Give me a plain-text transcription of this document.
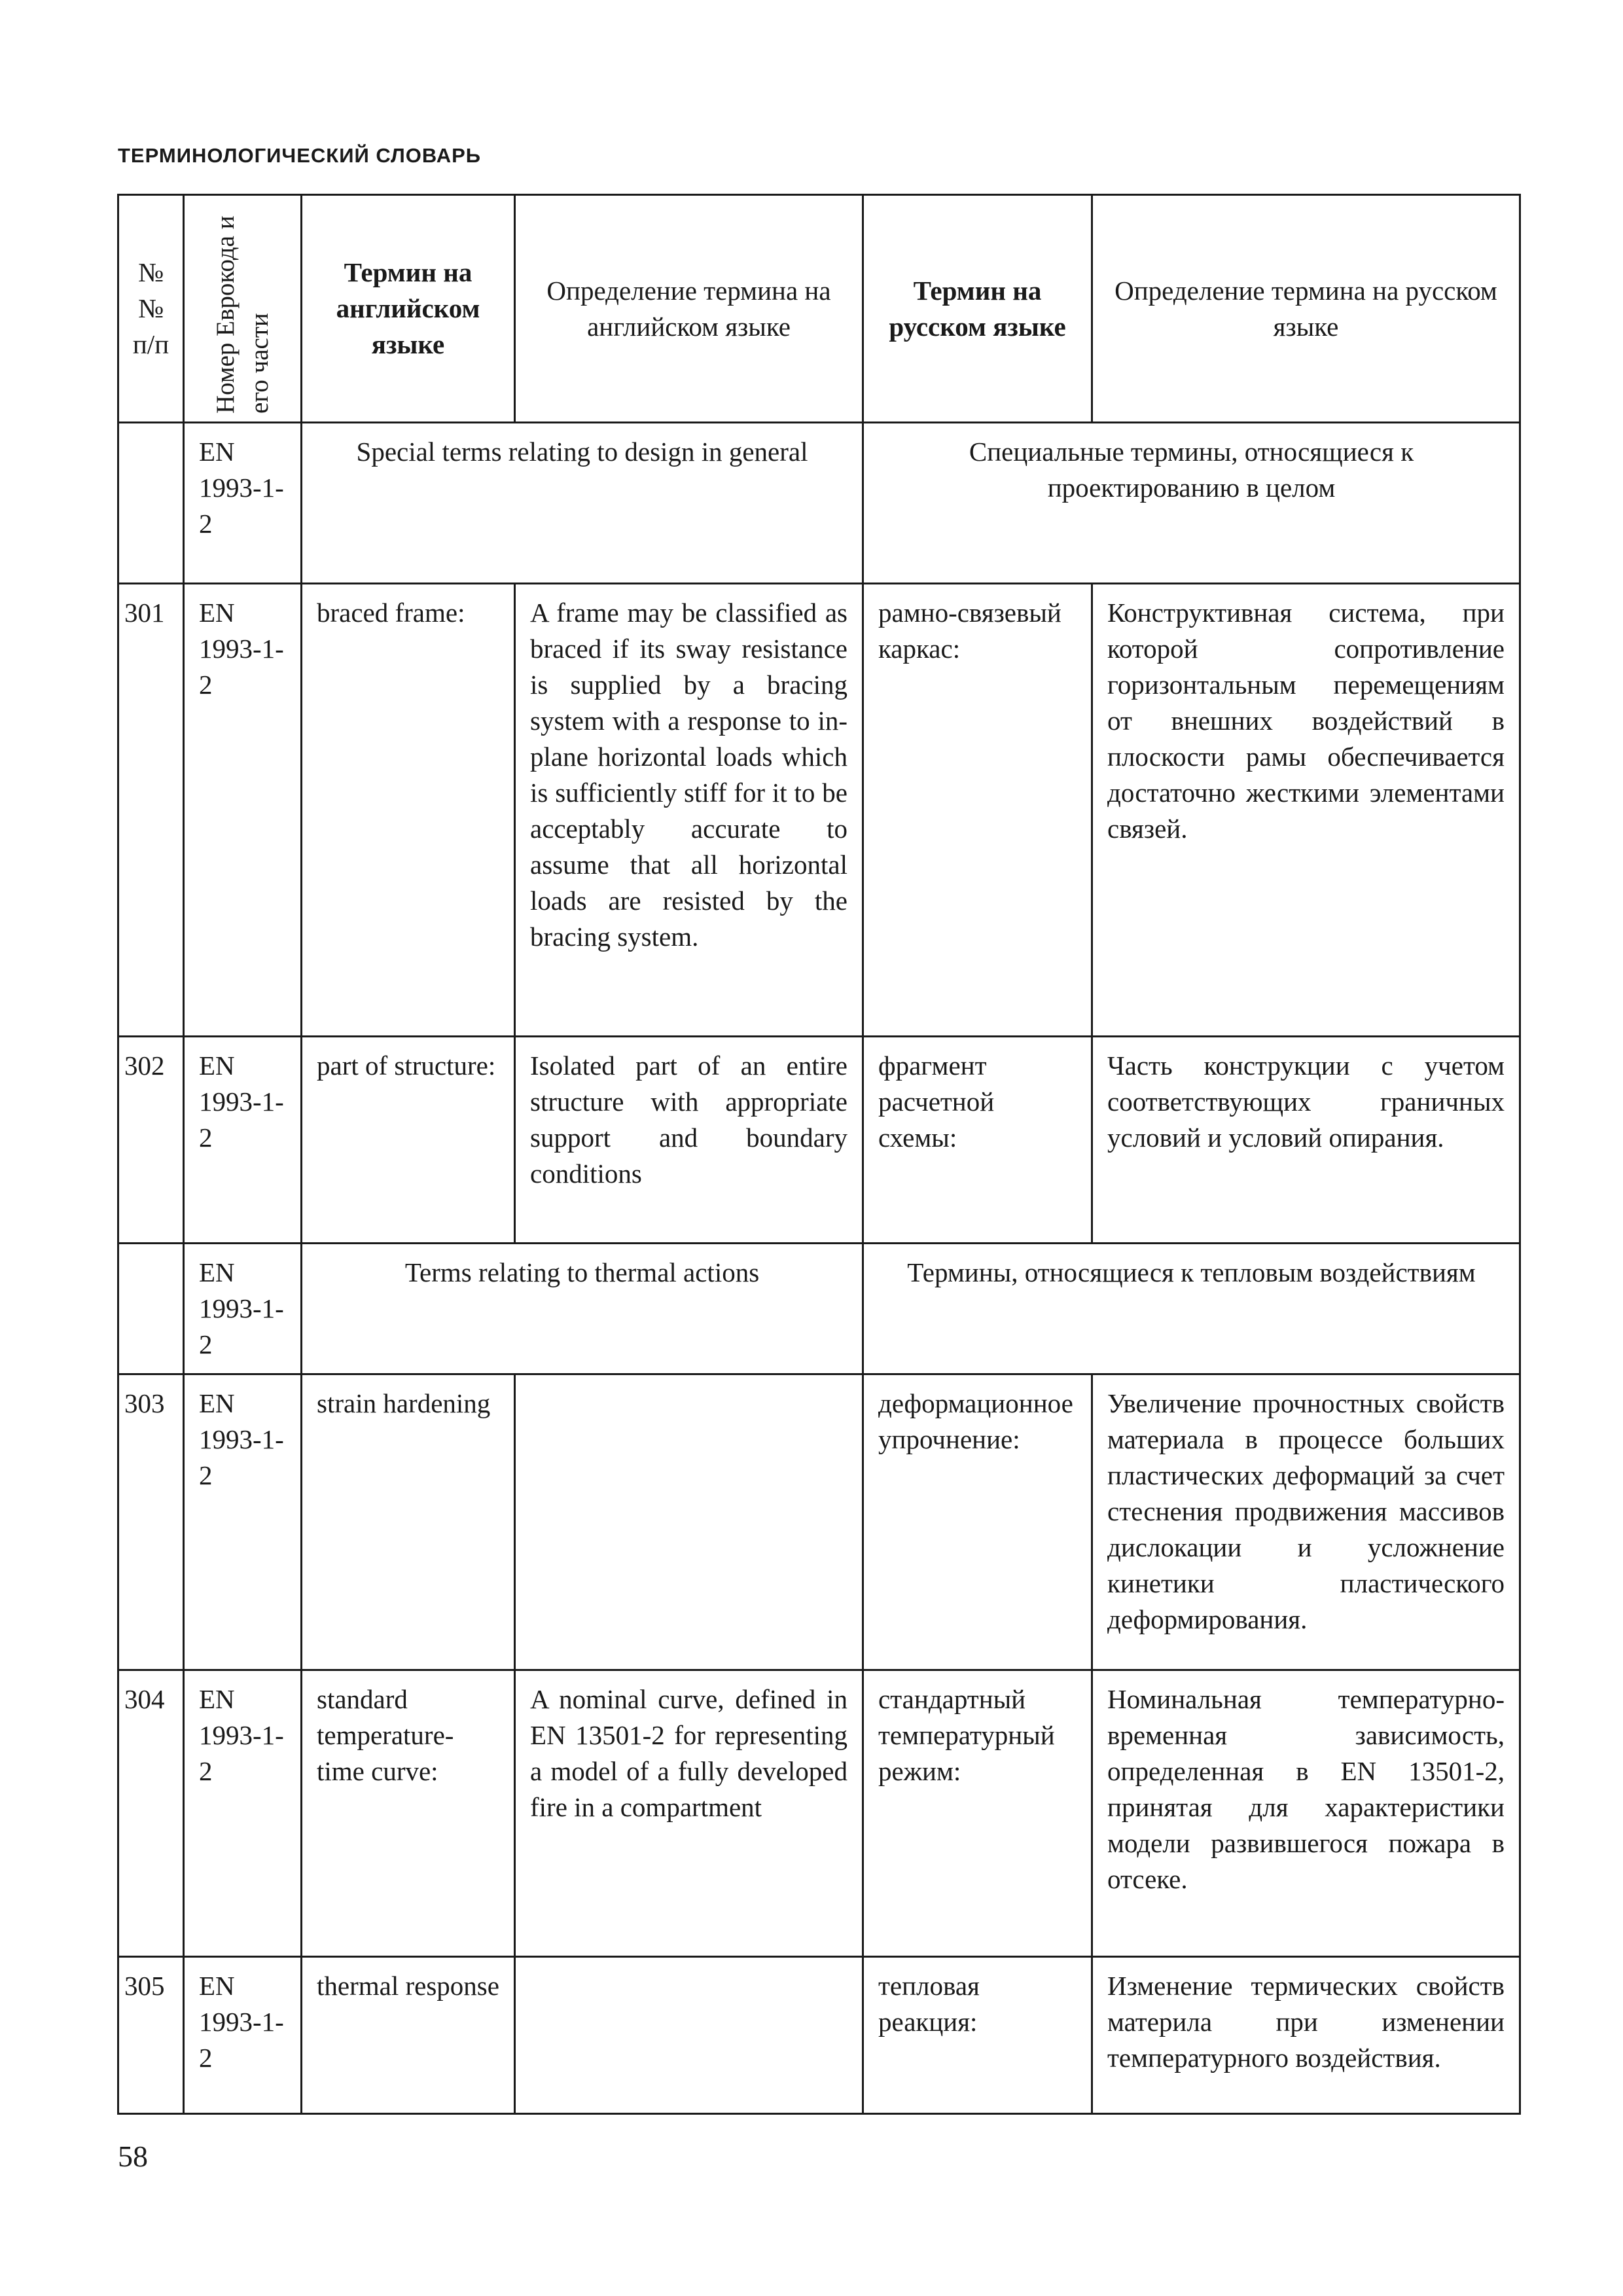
ТЕРМИНОЛОГИЧЕСКИЙ СЛОВАРЬ
№№ п/п	Номер Еврокода и его части	Термин на английском языке	Определение термина на английском языке	Термин на русском языке	Определение термина на русском языке
	EN 1993-1-2	Special terms relating to design in general		Специальные термины, относящиеся к проектированию в целом	
301	EN 1993-1-2	braced frame:	A frame may be classified as braced if its sway resistance is supplied by a bracing system with a response to in-plane horizontal loads which is sufficiently stiff for it to be acceptably accurate to assume that all horizontal loads are resisted by the bracing system.	рамно-связевый каркас:	Конструктивная система, при которой сопротивление горизонтальным перемещениям от внешних воздействий в плоскости рамы обеспечивается достаточно жесткими элементами связей.
302	EN 1993-1-2	part of structure:	Isolated part of an entire structure with appropriate support and boundary conditions	фрагмент расчетной схемы:	Часть конструкции с учетом соответствующих граничных условий и условий опирания.
	EN 1993-1-2	Terms relating to thermal actions		Термины, относящиеся к тепловым воздействиям	
303	EN 1993-1-2	strain hardening		деформационное упрочнение:	Увеличение прочностных свойств материала в процессе больших пластических деформаций за счет стеснения продвижения массивов дислокации и усложнение кинетики пластического деформирования.
304	EN 1993-1-2	standard temperature-time curve:	A nominal curve, defined in EN 13501-2 for representing a model of a fully developed fire in a compartment	стандартный температурный режим:	Номинальная температурно-временная зависимость, определенная в EN 13501-2, принятая для характеристики модели развившегося пожара в отсеке.
305	EN 1993-1-2	thermal response		тепловая реакция:	Изменение термических свойств материла при изменении температурного воздействия.
58
